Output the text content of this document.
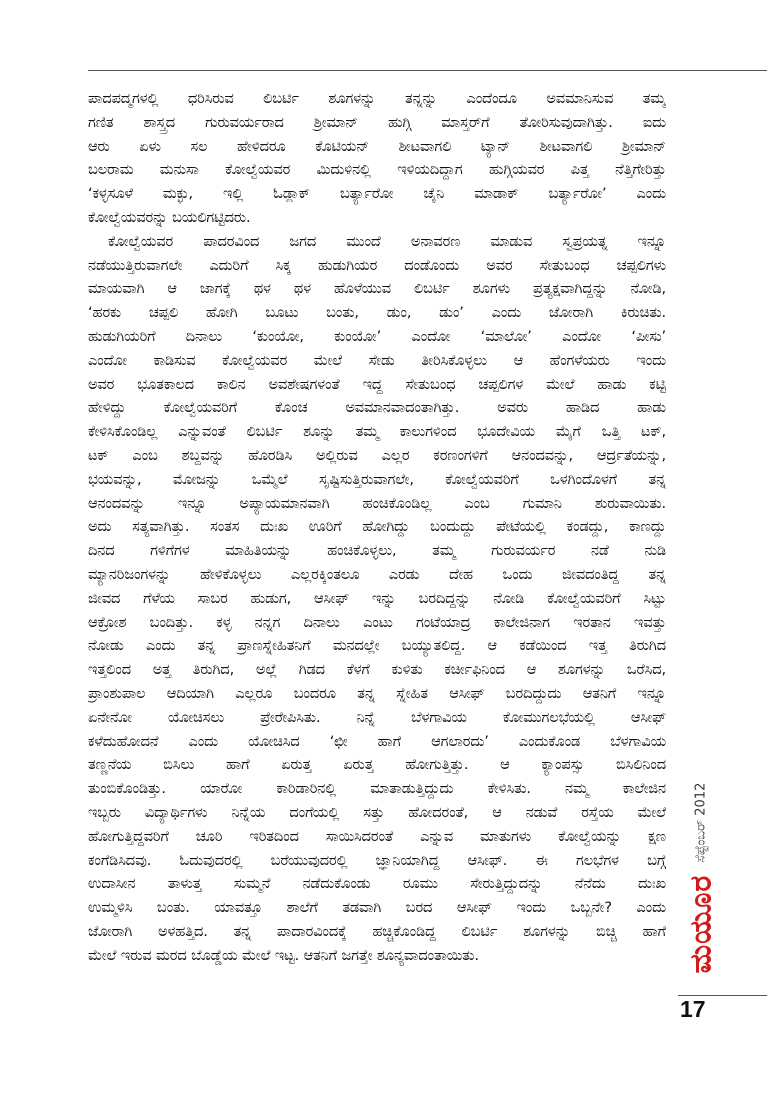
ಪಾದಪದ್ಮಗಳಲ್ಲಿ ಧರಿಸಿರುವ ಲಿಬರ್ಟಿ ಶೂಗಳನ್ನು ತನ್ನನ್ನು ಎಂದೆಂದೂ ಅವಮಾನಿಸುವ ತಮ್ಮ
ಗಣಿತ ಶಾಸ್ತ್ರದ ಗುರುವರ್ಯರಾದ ಶ್ರೀಮಾನ್ ಹುಗ್ಗಿ ಮಾಸ್ತರ್‌ಗೆ ತೋರಿಸುವುದಾಗಿತ್ತು. ಐದು
ಆರು ಏಳು ಸಲ ಹೇಳಿದರೂ ಕೊಟಿಯನ್ ಶೀಟವಾಗಲಿ ಟ್ಯಾನ್ ಶೀಟವಾಗಲಿ ಶ್ರೀಮಾನ್
ಬಲರಾಮ ಮನುಸಾ ಕೋಲ್ವೆಯವರ ಮಿದುಳಿನಲ್ಲಿ ಇಳಿಯದಿದ್ದಾಗ ಹುಗ್ಗಿಯವರ ಪಿತ್ತ ನೆತ್ತಿಗೇರಿತ್ತು
‘ಕಳ್ಳಸೂಳೆ ಮಕ್ಳು, ಇಲ್ಲಿ ಓಡ್ಲಾಕ್ ಬರ್ತ್ಯಾರೋ ಚೈನಿ ಮಾಡಾಕ್ ಬರ್ತ್ಯಾರೋ’ ಎಂದು
ಕೋಲ್ವೆಯವರನ್ನು ಬಯಲಿಗಟ್ಟಿದರು.
ಕೋಲ್ವೆಯವರ ಪಾದರವಿಂದ ಜಗದ ಮುಂದೆ ಅನಾವರಣ ಮಾಡುವ ಸ್ವಪ್ರಯತ್ನ ಇನ್ನೂ
ನಡೆಯುತ್ತಿರುವಾಗಲೇ ಎದುರಿಗೆ ಸಿಕ್ಕ ಹುಡುಗಿಯರ ದಂಡೊಂದು ಅವರ ಸೇತುಬಂಧ ಚಪ್ಪಲಿಗಳು
ಮಾಯವಾಗಿ ಆ ಜಾಗಕ್ಕೆ ಥಳ ಥಳ ಹೊಳೆಯುವ ಲಿಬರ್ಟಿ ಶೂಗಳು ಪ್ರತ್ಯಕ್ಷವಾಗಿದ್ದನ್ನು ನೋಡಿ,
‘ಹರಕು ಚಪ್ಪಲಿ ಹೋಗಿ ಬೂಟು ಬಂತು, ಡುಂ, ಡುಂ’ ಎಂದು ಜೋರಾಗಿ ಕಿರುಚಿತು.
ಹುಡುಗಿಯರಿಗೆ ದಿನಾಲು ‘ಕುಂಯೋ, ಕುಂಯೋ’ ಎಂದೋ ‘ಮಾಲೋ’ ಎಂದೋ ‘ಪೀಸು’
ಎಂದೋ ಕಾಡಿಸುವ ಕೋಲ್ವೆಯವರ ಮೇಲೆ ಸೇಡು ತೀರಿಸಿಕೊಳ್ಳಲು ಆ ಹೆಂಗಳೆಯರು ಇಂದು
ಅವರ ಭೂತಕಾಲದ ಕಾಲಿನ ಅವಶೇಷಗಳಂತೆ ಇದ್ದ ಸೇತುಬಂಧ ಚಪ್ಪಲಿಗಳ ಮೇಲೆ ಹಾಡು ಕಟ್ಟಿ
ಹೇಳಿದ್ದು ಕೋಲ್ವೆಯವರಿಗೆ ಕೊಂಚ ಅವಮಾನವಾದಂತಾಗಿತ್ತು. ಅವರು ಹಾಡಿದ ಹಾಡು
ಕೇಳಿಸಿಕೊಂಡಿಲ್ಲ ಎನ್ನುವಂತೆ ಲಿಬರ್ಟಿ ಶೂನ್ನು ತಮ್ಮ ಕಾಲುಗಳಿಂದ ಭೂದೇವಿಯ ಮೈಗೆ ಒತ್ತಿ ಟಕ್,
ಟಕ್ ಎಂಬ ಶಬ್ದವನ್ನು ಹೊರಡಿಸಿ ಅಲ್ಲಿರುವ ಎಲ್ಲರ ಕರಣಂಗಳಿಗೆ ಆನಂದವನ್ನು, ಆರ್ದ್ರತೆಯನ್ನು,
ಭಯವನ್ನು, ಮೋಜನ್ನು ಒಮ್ಮೆಲೆ ಸೃಷ್ಟಿಸುತ್ತಿರುವಾಗಲೇ, ಕೋಲ್ವೆಯವರಿಗೆ ಒಳಗಿಂದೊಳಗೆ ತನ್ನ
ಆನಂದವನ್ನು ಇನ್ನೂ ಅಪ್ಯಾಯಮಾನವಾಗಿ ಹಂಚಿಕೊಂಡಿಲ್ಲ ಎಂಬ ಗುಮಾನಿ ಶುರುವಾಯಿತು.
ಅದು ಸತ್ಯವಾಗಿತ್ತು. ಸಂತಸ ದುಃಖ ಊರಿಗೆ ಹೋಗಿದ್ದು ಬಂದುದ್ದು ಪೇಟೆಯಲ್ಲಿ ಕಂಡದ್ದು, ಕಾಣದ್ದು
ದಿನದ ಗಳಿಗೆಗಳ ಮಾಹಿತಿಯನ್ನು ಹಂಚಿಕೊಳ್ಳಲು, ತಮ್ಮ ಗುರುವರ್ಯರ ನಡೆ ನುಡಿ
ಮ್ಯಾನರಿಜಂಗಳನ್ನು ಹೇಳಿಕೊಳ್ಳಲು ಎಲ್ಲರಕ್ಕಿಂತಲೂ ಎರಡು ದೇಹ ಒಂದು ಜೀವದಂತಿದ್ದ ತನ್ನ
ಜೀವದ ಗೆಳೆಯ ಸಾಬರ ಹುಡುಗ, ಆಸೀಫ್ ಇನ್ನು ಬರದಿದ್ದನ್ನು ನೋಡಿ ಕೋಲ್ವೆಯವರಿಗೆ ಸಿಟ್ಟು
ಆಕ್ರೋಶ ಬಂದಿತ್ತು. ಕಳ್ಳ ನನ್ನಗ ದಿನಾಲು ಎಂಟು ಗಂಟೆಯಾದ್ರ ಕಾಲೇಜಿನಾಗ ಇರತಾನ ಇವತ್ತು
ನೋಡು ಎಂದು ತನ್ನ ಪ್ರಾಣಸ್ನೇಹಿತನಿಗೆ ಮನದಲ್ಲೇ ಬಯ್ಯುತಲಿದ್ದ. ಆ ಕಡೆಯಿಂದ ಇತ್ತ ತಿರುಗಿದ
ಇತ್ತಲಿಂದ ಅತ್ತ ತಿರುಗಿದ, ಅಲ್ಲೆ ಗಿಡದ ಕೆಳಗೆ ಕುಳಿತು ಕರ್ಚೀಫಿನಿಂದ ಆ ಶೂಗಳನ್ನು ಒರೆಸಿದ,
ಪ್ರಾಂಶುಪಾಲ ಆದಿಯಾಗಿ ಎಲ್ಲರೂ ಬಂದರೂ ತನ್ನ ಸ್ನೇಹಿತ ಆಸೀಫ್ ಬರದಿದ್ದುದು ಆತನಿಗೆ ಇನ್ನೂ
ಏನೇನೋ ಯೋಚಿಸಲು ಪ್ರೇರೇಪಿಸಿತು. ನಿನ್ನೆ ಬೆಳಗಾವಿಯ ಕೋಮುಗಲಭೆಯಲ್ಲಿ ಆಸೀಫ್
ಕಳೆದುಹೋದನೆ ಎಂದು ಯೋಚಿಸಿದ ‘ಛೀ ಹಾಗೆ ಆಗಲಾರದು’ ಎಂದುಕೊಂಡ ಬೆಳಗಾವಿಯ
ತಣ್ಣನೆಯ ಬಿಸಿಲು ಹಾಗೆ ಏರುತ್ತ ಏರುತ್ತ ಹೋಗುತ್ತಿತ್ತು. ಆ ಕ್ಯಾಂಪಸ್ಸು ಬಿಸಿಲಿನಿಂದ
ತುಂಬಿಕೊಂಡಿತ್ತು. ಯಾರೋ ಕಾರಿಡಾರಿನಲ್ಲಿ ಮಾತಾಡುತ್ತಿದ್ದುದು ಕೇಳಿಸಿತು. ನಮ್ಮ ಕಾಲೇಜಿನ
ಇಬ್ಬರು ವಿದ್ಯಾರ್ಥಿಗಳು ನಿನ್ನೆಯ ದಂಗೆಯಲ್ಲಿ ಸತ್ತು ಹೋದರಂತೆ, ಆ ನಡುವೆ ರಸ್ತೆಯ ಮೇಲೆ
ಹೋಗುತ್ತಿದ್ದವರಿಗೆ ಚೂರಿ ಇರಿತದಿಂದ ಸಾಯಿಸಿದರಂತೆ ಎನ್ನುವ ಮಾತುಗಳು ಕೋಲ್ವೆಯನ್ನು ಕ್ಷಣ
ಕಂಗೆಡಿಸಿದವು. ಓದುವುದರಲ್ಲಿ ಬರೆಯುವುದರಲ್ಲಿ ಜ್ಞಾನಿಯಾಗಿದ್ದ ಆಸೀಫ್. ಈ ಗಲಭೆಗಳ ಬಗ್ಗೆ
ಉದಾಸೀನ ತಾಳುತ್ತ ಸುಮ್ಮನೆ ನಡೆದುಕೊಂಡು ರೂಮು ಸೇರುತ್ತಿದ್ದುದನ್ನು ನೆನೆದು ದುಃಖ
ಉಮ್ಮಳಿಸಿ ಬಂತು. ಯಾವತ್ತೂ ಶಾಲೆಗೆ ತಡವಾಗಿ ಬರದ ಆಸೀಫ್ ಇಂದು ಒಬ್ಬನೇ? ಎಂದು
ಜೋರಾಗಿ ಅಳಹತ್ತಿದ. ತನ್ನ ಪಾದಾರವಿಂದಕ್ಕೆ ಹಚ್ಚಿಕೊಂಡಿದ್ದ ಲಿಬರ್ಟಿ ಶೂಗಳನ್ನು ಬಿಚ್ಚಿ ಹಾಗೆ
ಮೇಲೆ ಇರುವ ಮರದ ಬೊಡ್ಡೆಯ ಮೇಲೆ ಇಟ್ಟ. ಆತನಿಗೆ ಜಗತ್ತೇ ಶೂನ್ಯವಾದಂತಾಯಿತು.	ಮಯೂರ
ಸೆಪ್ಟೆಂಬರ್ 2012
17
